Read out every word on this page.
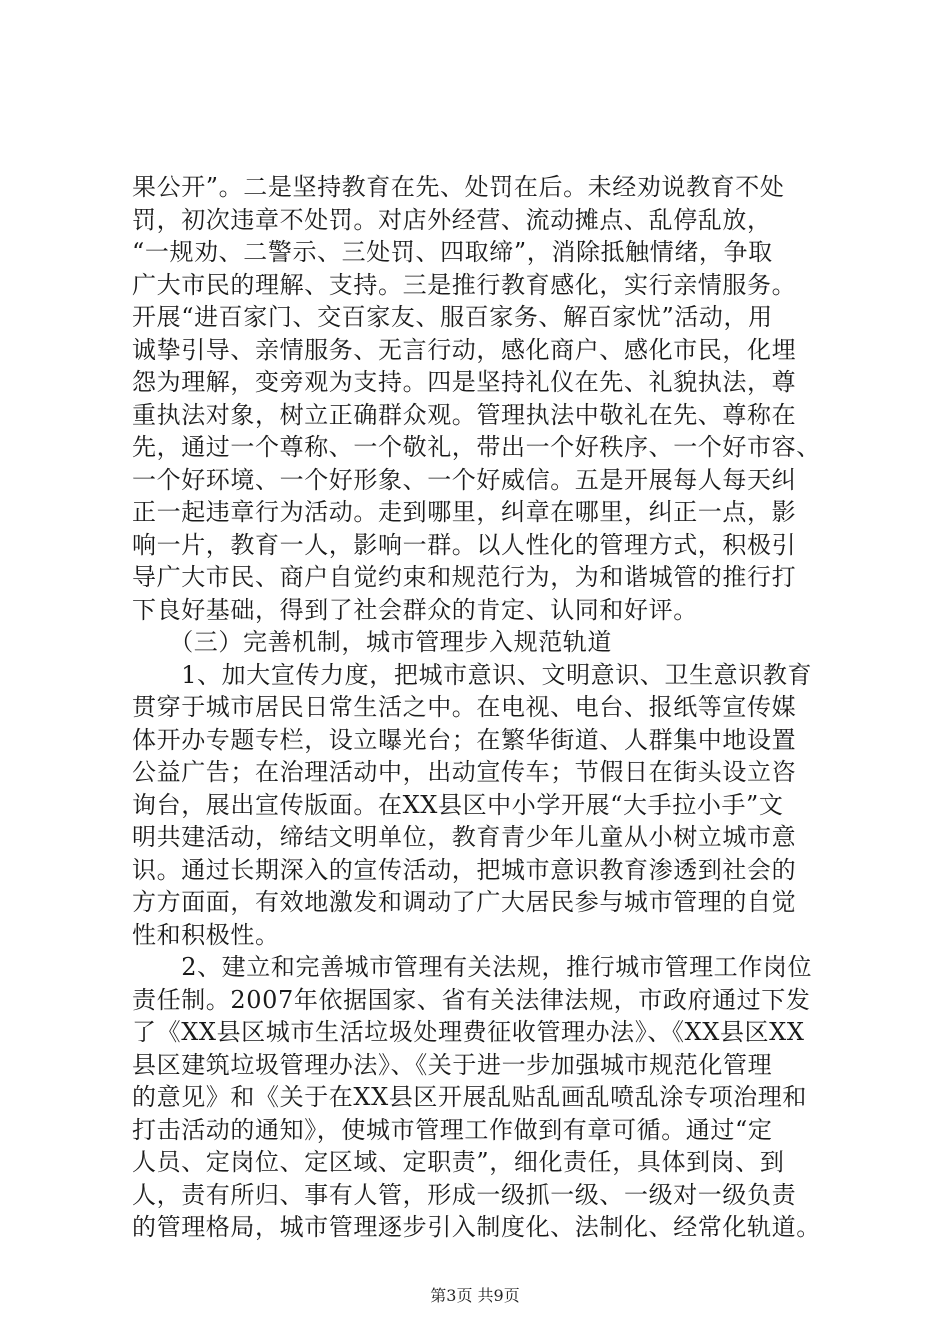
果公开”。二是坚持教育在先、处罚在后。未经劝说教育不处
罚，初次违章不处罚。对店外经营、流动摊点、乱停乱放，
“一规劝、二警示、三处罚、四取缔”，消除抵触情绪，争取
广大市民的理解、支持。三是推行教育感化，实行亲情服务。
开展“进百家门、交百家友、服百家务、解百家忧”活动，用
诚挚引导、亲情服务、无言行动，感化商户、感化市民，化埋
怨为理解，变旁观为支持。四是坚持礼仪在先、礼貌执法，尊
重执法对象，树立正确群众观。管理执法中敬礼在先、尊称在
先，通过一个尊称、一个敬礼，带出一个好秩序、一个好市容、
一个好环境、一个好形象、一个好威信。五是开展每人每天纠
正一起违章行为活动。走到哪里，纠章在哪里，纠正一点，影
响一片，教育一人，影响一群。以人性化的管理方式，积极引
导广大市民、商户自觉约束和规范行为，为和谐城管的推行打
下良好基础，得到了社会群众的肯定、认同和好评。
　　（三）完善机制，城市管理步入规范轨道
　　1、加大宣传力度，把城市意识、文明意识、卫生意识教育
贯穿于城市居民日常生活之中。在电视、电台、报纸等宣传媒
体开办专题专栏，设立曝光台；在繁华街道、人群集中地设置
公益广告；在治理活动中，出动宣传车；节假日在街头设立咨
询台，展出宣传版面。在XX县区中小学开展“大手拉小手”文
明共建活动，缔结文明单位，教育青少年儿童从小树立城市意
识。通过长期深入的宣传活动，把城市意识教育渗透到社会的
方方面面，有效地激发和调动了广大居民参与城市管理的自觉
性和积极性。
　　2、建立和完善城市管理有关法规，推行城市管理工作岗位
责任制。2007年依据国家、省有关法律法规，市政府通过下发
了《XX县区城市生活垃圾处理费征收管理办法》、《XX县区XX
县区建筑垃圾管理办法》、《关于进一步加强城市规范化管理
的意见》和《关于在XX县区开展乱贴乱画乱喷乱涂专项治理和
打击活动的通知》，使城市管理工作做到有章可循。通过“定
人员、定岗位、定区域、定职责”，细化责任，具体到岗、到
人，责有所归、事有人管，形成一级抓一级、一级对一级负责
的管理格局，城市管理逐步引入制度化、法制化、经常化轨道。
第3页 共9页
